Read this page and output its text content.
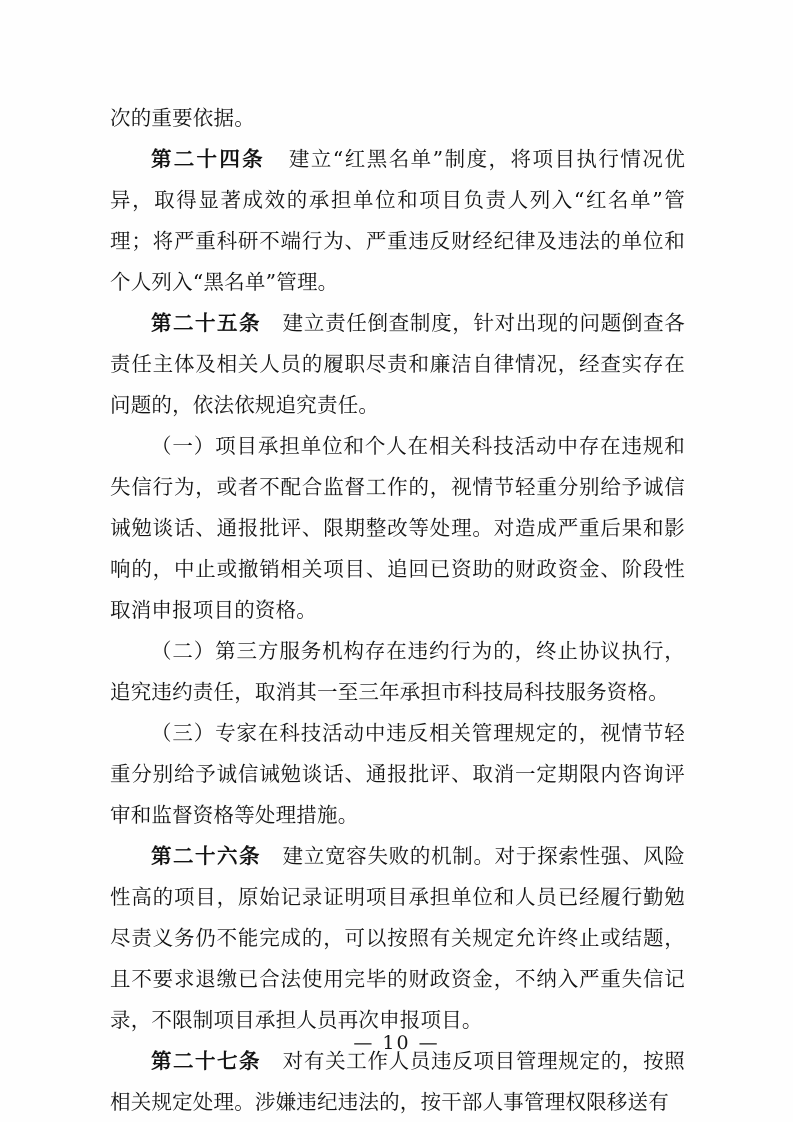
次的重要依据。

第二十四条 建立“红黑名单”制度，将项目执行情况优异，取得显著成效的承担单位和项目负责人列入“红名单”管理；将严重科研不端行为、严重违反财经纪律及违法的单位和个人列入“黑名单”管理。

第二十五条 建立责任倒查制度，针对出现的问题倒查各责任主体及相关人员的履职尽责和廉洁自律情况，经查实存在问题的，依法依规追究责任。

（一）项目承担单位和个人在相关科技活动中存在违规和失信行为，或者不配合监督工作的，视情节轻重分别给予诚信诫勉谈话、通报批评、限期整改等处理。对造成严重后果和影响的，中止或撤销相关项目、追回已资助的财政资金、阶段性取消申报项目的资格。

（二）第三方服务机构存在违约行为的，终止协议执行，追究违约责任，取消其一至三年承担市科技局科技服务资格。

（三）专家在科技活动中违反相关管理规定的，视情节轻重分别给予诚信诫勉谈话、通报批评、取消一定期限内咨询评审和监督资格等处理措施。

第二十六条 建立宽容失败的机制。对于探索性强、风险性高的项目，原始记录证明项目承担单位和人员已经履行勤勉尽责义务仍不能完成的，可以按照有关规定允许终止或结题，且不要求退缴已合法使用完毕的财政资金，不纳入严重失信记录，不限制项目承担人员再次申报项目。

第二十七条 对有关工作人员违反项目管理规定的，按照相关规定处理。涉嫌违纪违法的，按干部人事管理权限移送有

— 10 —
